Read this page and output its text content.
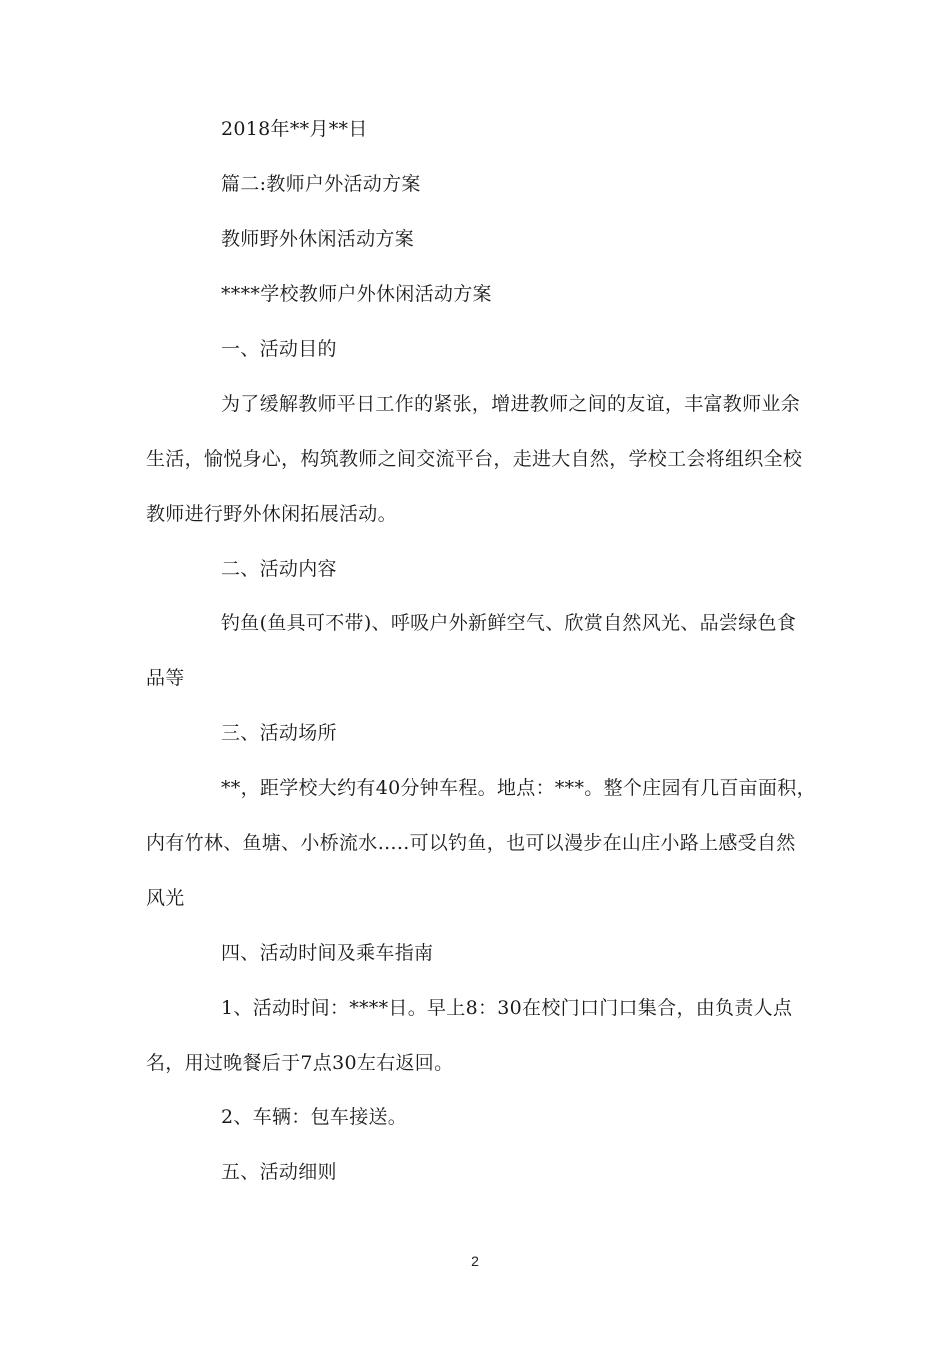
2018年**月**日
篇二:教师户外活动方案
教师野外休闲活动方案
****学校教师户外休闲活动方案
一、活动目的
为了缓解教师平日工作的紧张，增进教师之间的友谊，丰富教师业余
生活，愉悦身心，构筑教师之间交流平台，走进大自然，学校工会将组织全校
教师进行野外休闲拓展活动。
二、活动内容
钓鱼(鱼具可不带)、呼吸户外新鲜空气、欣赏自然风光、品尝绿色食
品等
三、活动场所
**，距学校大约有40分钟车程。地点：***。整个庄园有几百亩面积，
内有竹林、鱼塘、小桥流水…..可以钓鱼，也可以漫步在山庄小路上感受自然
风光
四、活动时间及乘车指南
1、活动时间：****日。早上8：30在校门口门口集合，由负责人点
名，用过晚餐后于7点30左右返回。
2、车辆：包车接送。
五、活动细则
2
